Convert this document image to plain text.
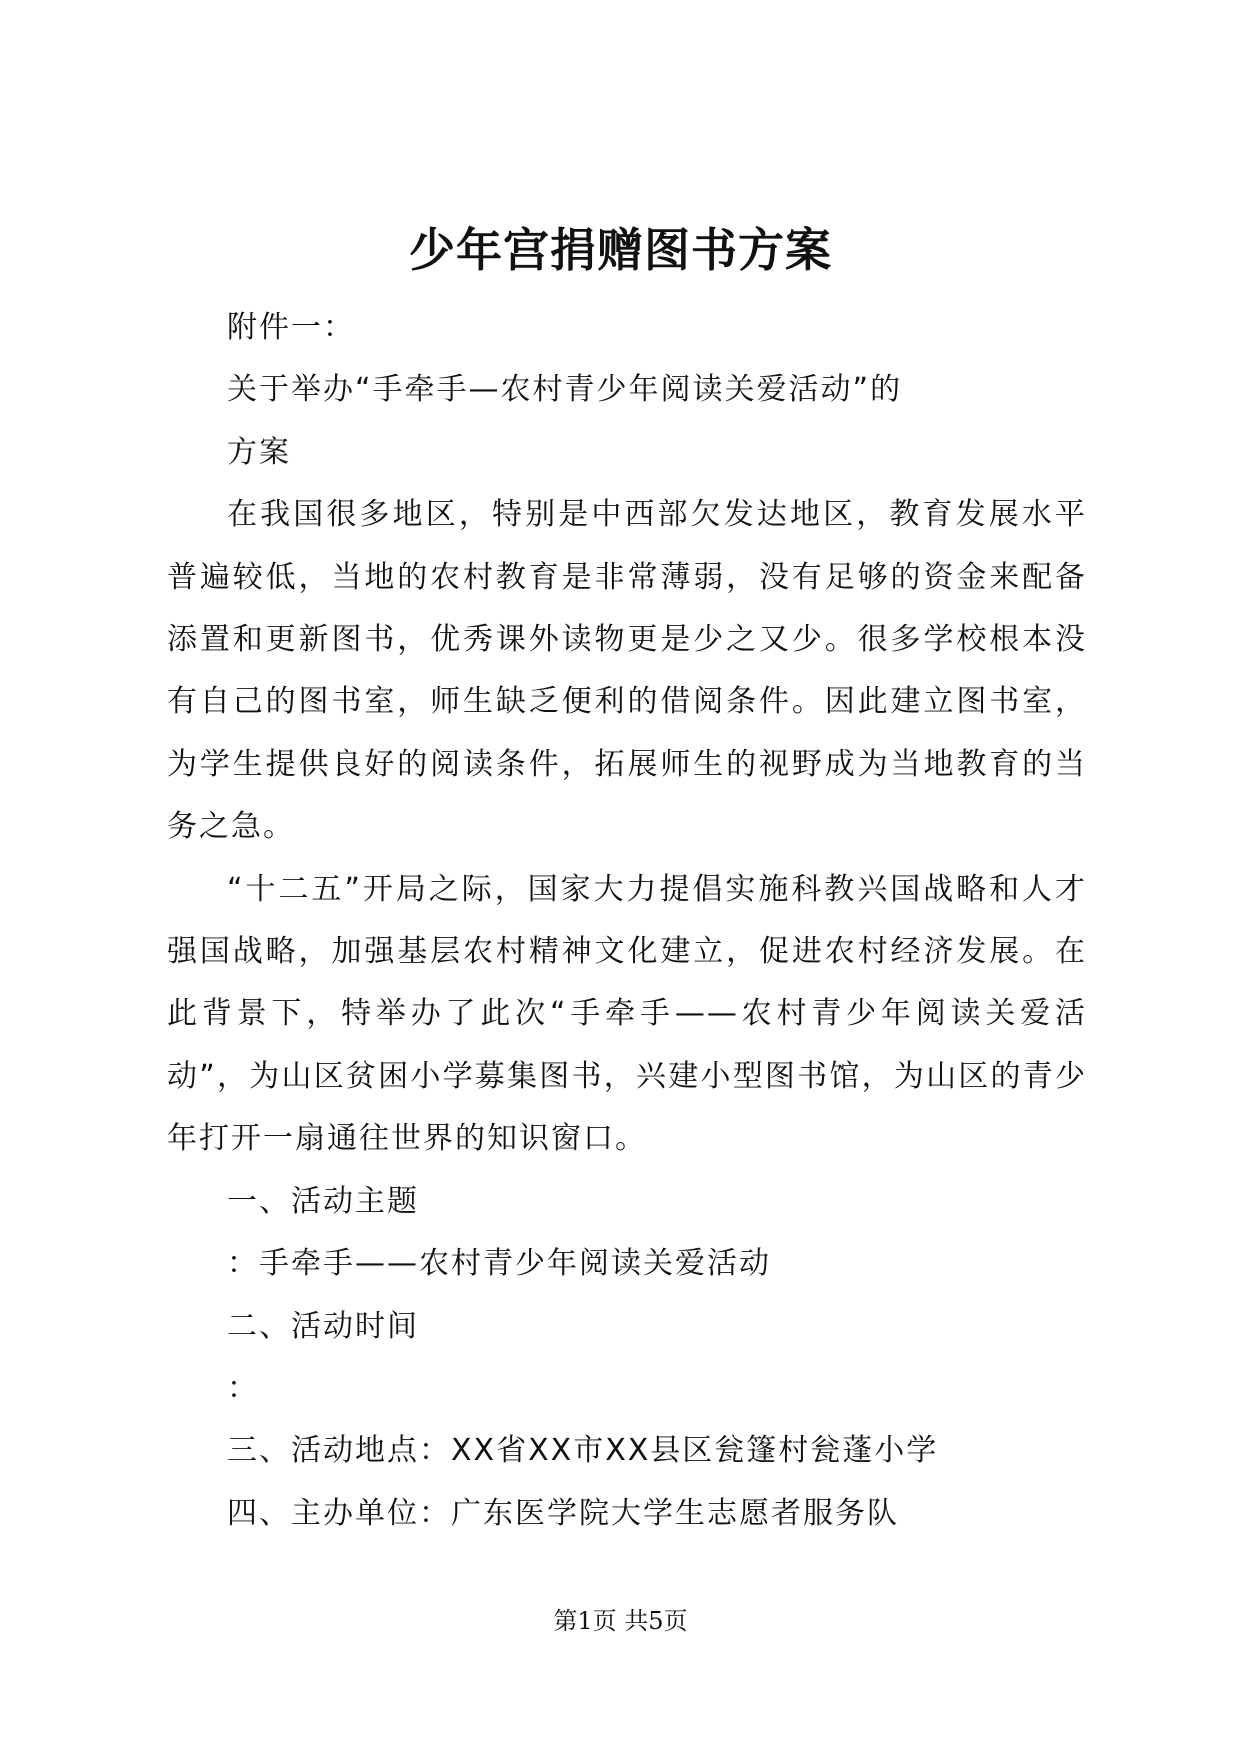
少年宫捐赠图书方案

附件一：

关于举办“手牵手—农村青少年阅读关爱活动”的

方案

在我国很多地区，特别是中西部欠发达地区，教育发展水平普遍较低，当地的农村教育是非常薄弱，没有足够的资金来配备添置和更新图书，优秀课外读物更是少之又少。很多学校根本没有自己的图书室，师生缺乏便利的借阅条件。因此建立图书室，为学生提供良好的阅读条件，拓展师生的视野成为当地教育的当务之急。

“十二五”开局之际，国家大力提倡实施科教兴国战略和人才强国战略，加强基层农村精神文化建立，促进农村经济发展。在此背景下，特举办了此次“手牵手——农村青少年阅读关爱活动”，为山区贫困小学募集图书，兴建小型图书馆，为山区的青少年打开一扇通往世界的知识窗口。

一、活动主题

：手牵手——农村青少年阅读关爱活动

二、活动时间

：

三、活动地点：XX省XX市XX县区瓮篷村瓮蓬小学

四、主办单位：广东医学院大学生志愿者服务队

第1页 共5页
